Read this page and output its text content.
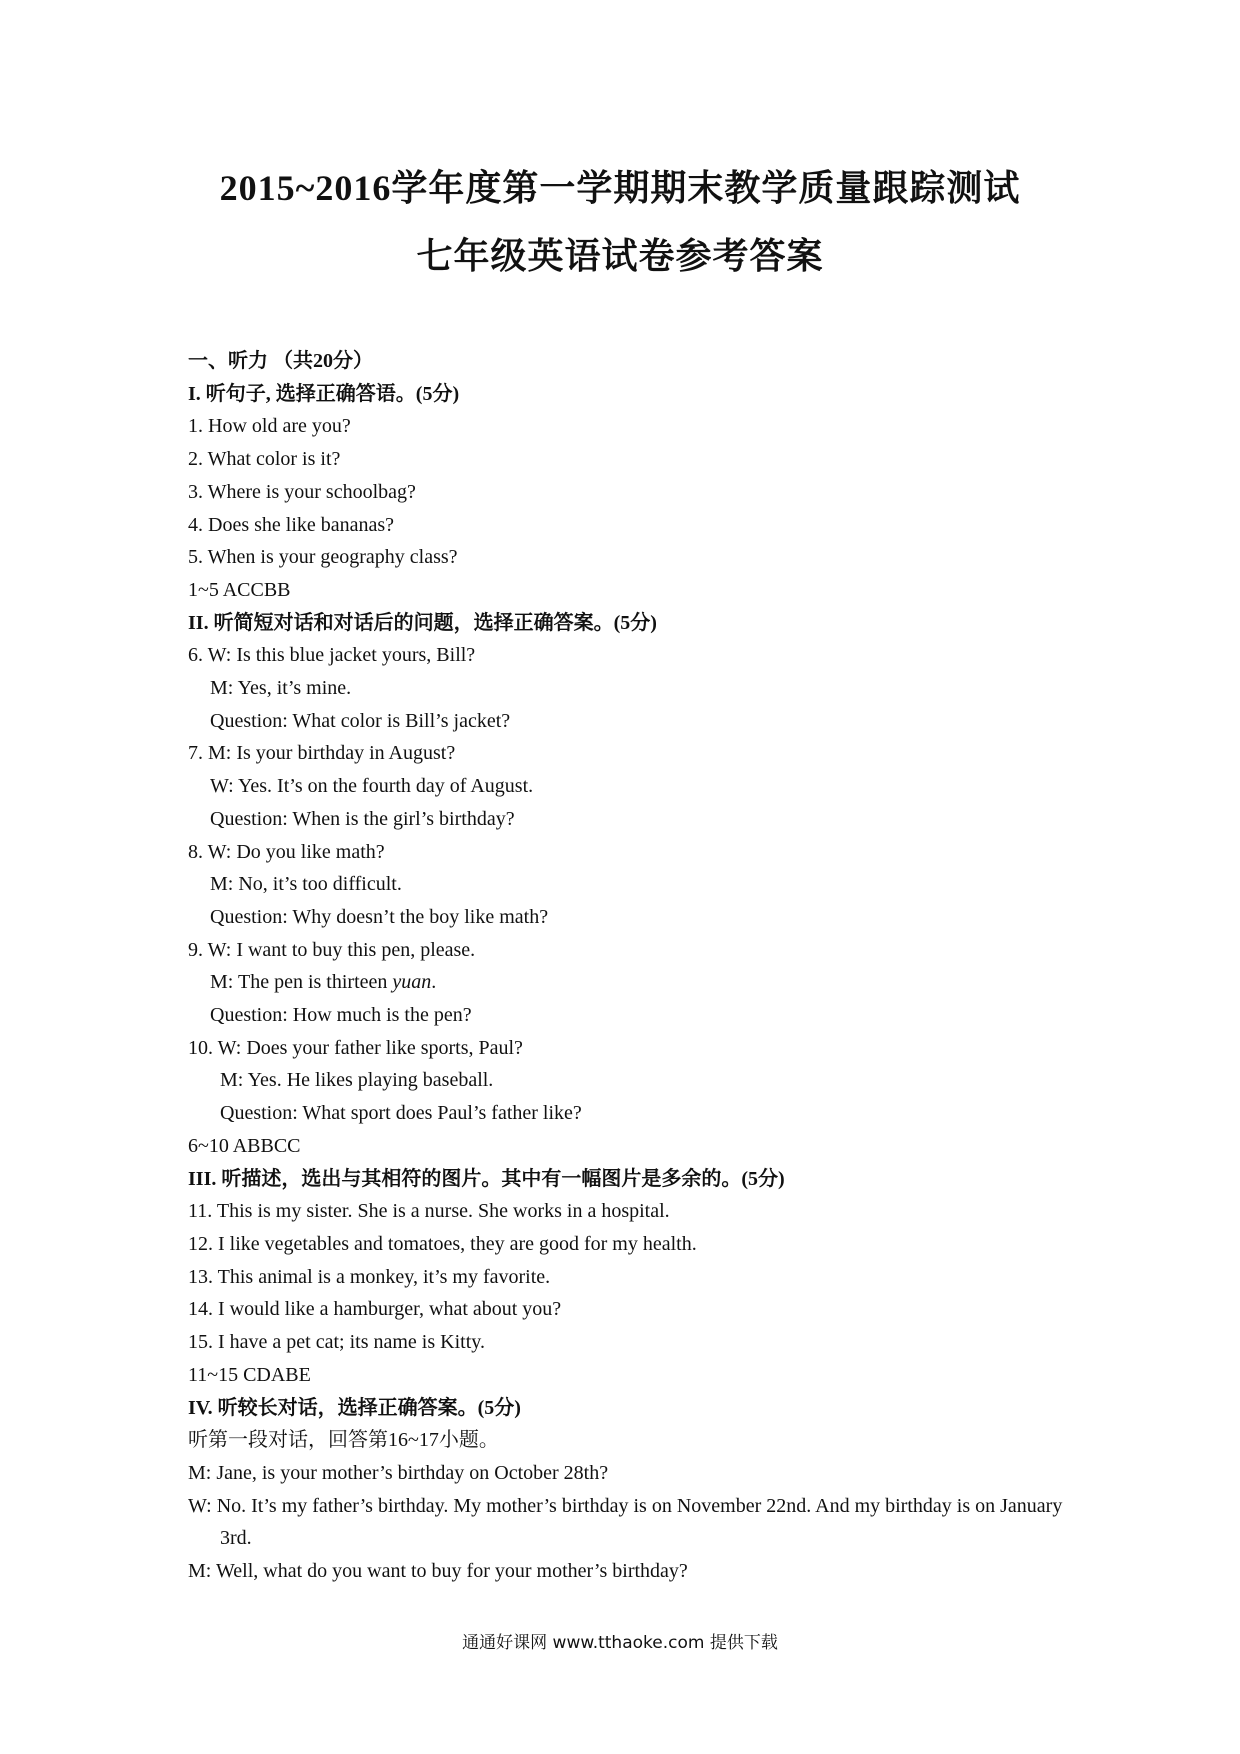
2015~2016学年度第一学期期末教学质量跟踪测试
七年级英语试卷参考答案
一、听力 （共20分）
I. 听句子, 选择正确答语。(5分)
1. How old are you?
2. What color is it?
3. Where is your schoolbag?
4. Does she like bananas?
5. When is your geography class?
1~5 ACCBB
II. 听简短对话和对话后的问题，选择正确答案。(5分)
6. W: Is this blue jacket yours, Bill?
M: Yes, it’s mine.
Question: What color is Bill’s jacket?
7. M: Is your birthday in August?
W: Yes. It’s on the fourth day of August.
Question: When is the girl’s birthday?
8. W: Do you like math?
M: No, it’s too difficult.
Question: Why doesn’t the boy like math?
9. W: I want to buy this pen, please.
M: The pen is thirteen yuan.
Question: How much is the pen?
10. W: Does your father like sports, Paul?
M: Yes. He likes playing baseball.
Question: What sport does Paul’s father like?
6~10 ABBCC
III. 听描述，选出与其相符的图片。其中有一幅图片是多余的。(5分)
11. This is my sister. She is a nurse. She works in a hospital.
12. I like vegetables and tomatoes, they are good for my health.
13. This animal is a monkey, it’s my favorite.
14. I would like a hamburger, what about you?
15. I have a pet cat; its name is Kitty.
11~15 CDABE
IV. 听较长对话，选择正确答案。(5分)
听第一段对话，回答第16~17小题。
M: Jane, is your mother’s birthday on October 28th?
W: No. It’s my father’s birthday. My mother’s birthday is on November 22nd. And my birthday is on January 3rd.
M: Well, what do you want to buy for your mother’s birthday?
通通好课网 www.tthaoke.com 提供下载
